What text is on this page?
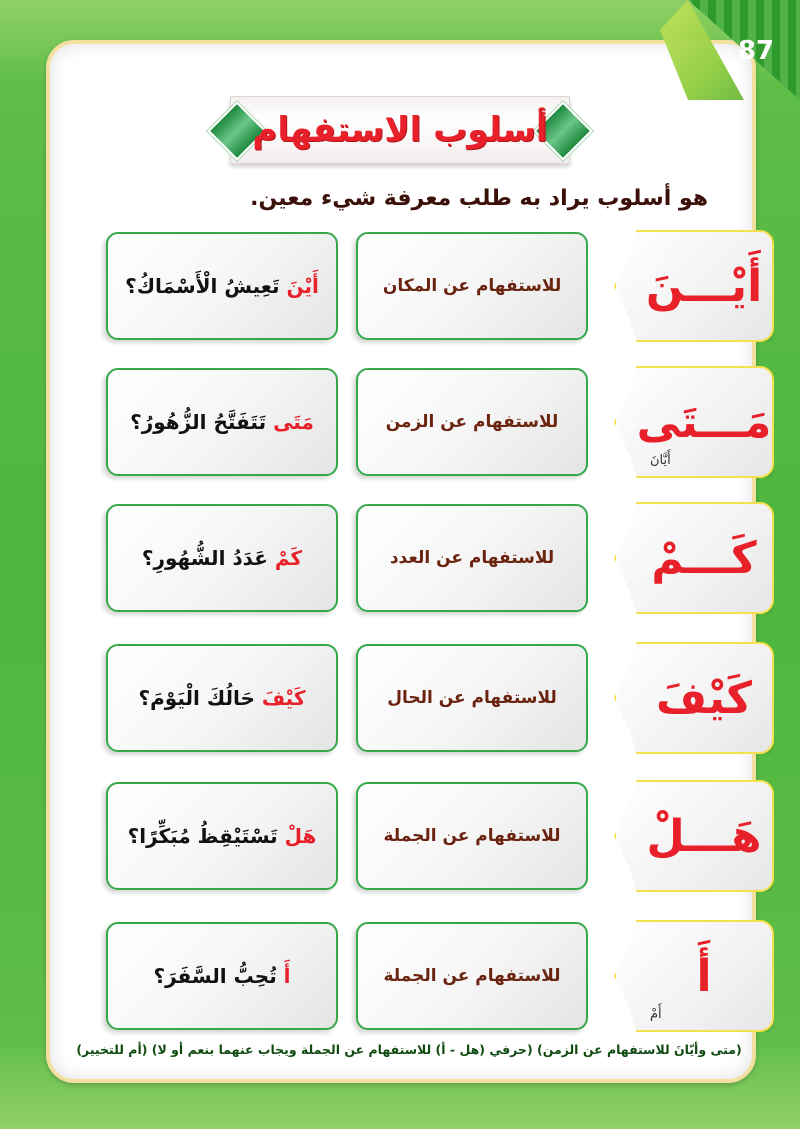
87
أسلوب الاستفهام
هو أسلوب يراد به طلب معرفة شيء معين.
أَيْـــنَ
للاستفهام عن المكان
أَيْنَ تَعِيشُ الْأَسْمَاكُ؟
مَـــتَى
أَيَّانَ
للاستفهام عن الزمن
مَتَى تَتَفَتَّحُ الزُّهُورُ؟
كَـــمْ
للاستفهام عن العدد
كَمْ عَدَدُ الشُّهُورِ؟
كَيْفَ
للاستفهام عن الحال
كَيْفَ حَالُكَ الْيَوْمَ؟
هَـــلْ
للاستفهام عن الجملة
هَلْ تَسْتَيْقِظُ مُبَكِّرًا؟
أَ
أَمْ
للاستفهام عن الجملة
أَ تُحِبُّ السَّفَرَ؟
(متى وأيّانَ للاستفهام عن الزمن) (حرفي (هل - أ) للاستفهام عن الجملة ويجاب عنهما بنعم أو لا) (أم للتخيير)
